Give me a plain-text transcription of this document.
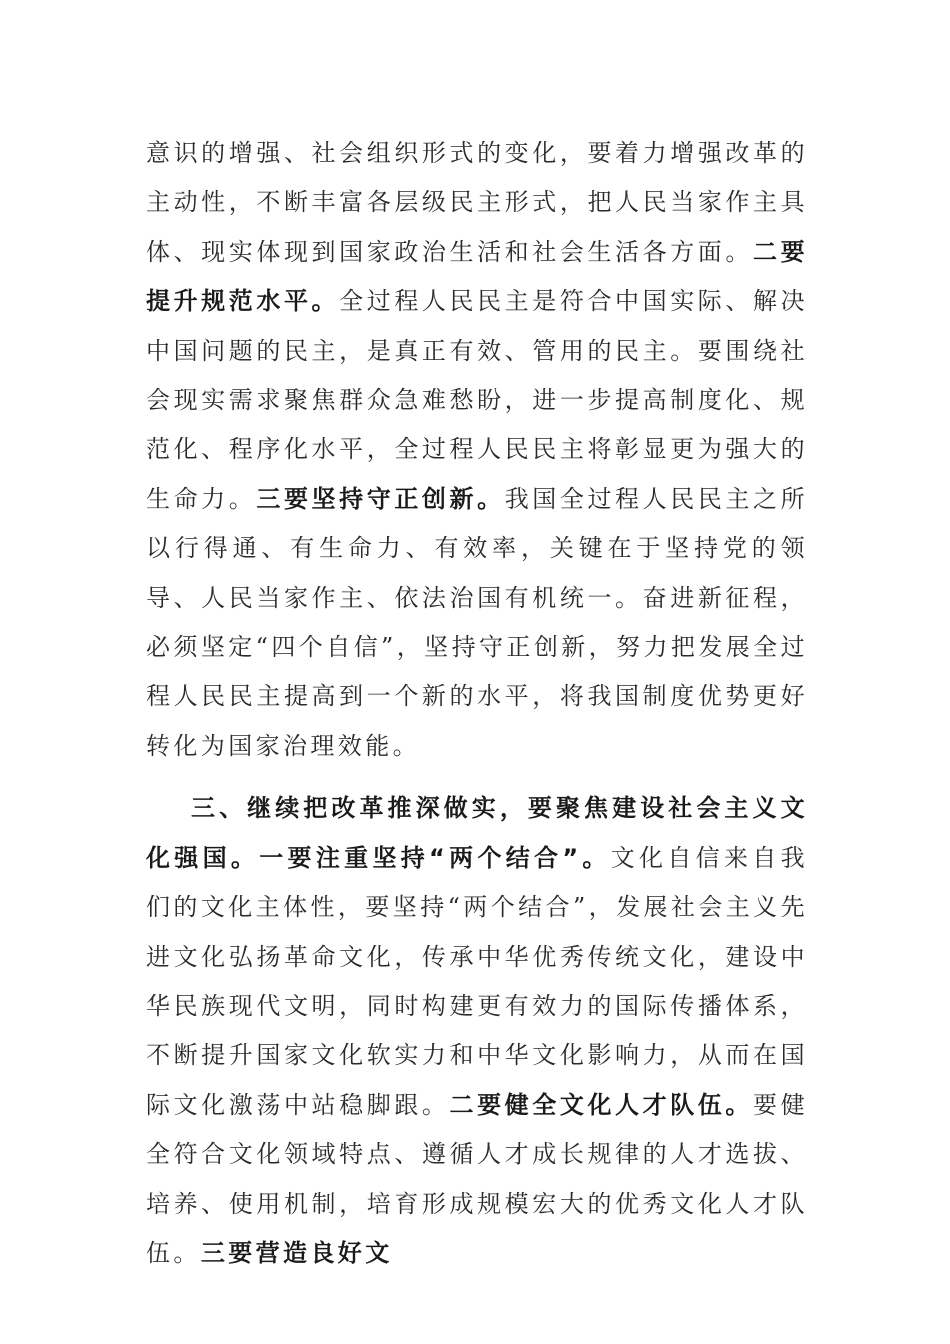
意识的增强、社会组织形式的变化，要着力增强改革的主动性，不断丰富各层级民主形式，把人民当家作主具体、现实体现到国家政治生活和社会生活各方面。二要提升规范水平。全过程人民民主是符合中国实际、解决中国问题的民主，是真正有效、管用的民主。要围绕社会现实需求聚焦群众急难愁盼，进一步提高制度化、规范化、程序化水平，全过程人民民主将彰显更为强大的生命力。三要坚持守正创新。我国全过程人民民主之所以行得通、有生命力、有效率，关键在于坚持党的领导、人民当家作主、依法治国有机统一。奋进新征程，必须坚定“四个自信”，坚持守正创新，努力把发展全过程人民民主提高到一个新的水平，将我国制度优势更好转化为国家治理效能。

三、继续把改革推深做实，要聚焦建设社会主义文化强国。一要注重坚持“两个结合”。文化自信来自我们的文化主体性，要坚持“两个结合”，发展社会主义先进文化弘扬革命文化，传承中华优秀传统文化，建设中华民族现代文明，同时构建更有效力的国际传播体系，不断提升国家文化软实力和中华文化影响力，从而在国际文化激荡中站稳脚跟。二要健全文化人才队伍。要健全符合文化领域特点、遵循人才成长规律的人才选拔、培养、使用机制，培育形成规模宏大的优秀文化人才队伍。三要营造良好文
